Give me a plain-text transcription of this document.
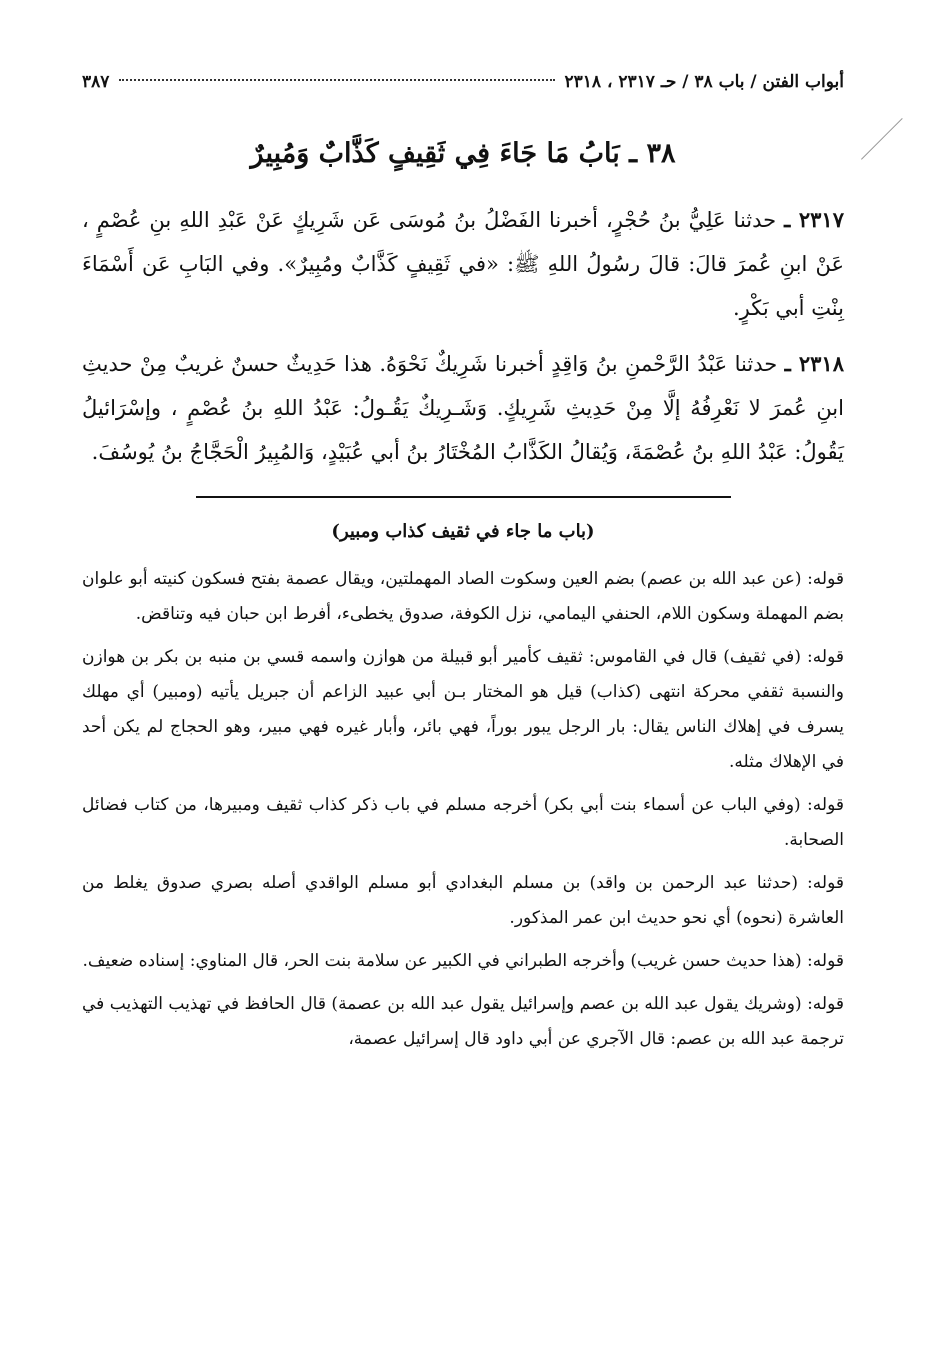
أبواب الفتن / باب ٣٨ / حـ ٢٣١٧ ، ٢٣١٨
٣٨٧
٣٨ ـ بَابُ مَا جَاءَ فِي ثَقِيفٍ كَذَّابٌ وَمُبِيرٌ

٢٣١٧ ـ حدثنا عَلِيُّ بنُ حُجْرٍ، أخبرنا الفَضْلُ بنُ مُوسَى عَن شَرِيكٍ عَنْ عَبْدِ اللهِ بنِ عُصْمٍ ، عَنْ ابنِ عُمرَ قالَ: قالَ رسُولُ اللهِ ﷺ: «في ثَقِيفٍ كَذَّابٌ ومُبِيرٌ». وفي البَابِ عَن أَسْمَاءَ بِنْتِ أبي بَكْرٍ.

٢٣١٨ ـ حدثنا عَبْدُ الرَّحْمنِ بنُ وَاقِدٍ أخبرنا شَرِيكٌ نَحْوَهُ. هذا حَدِيثٌ حسنٌ غريبٌ مِنْ حديثِ ابنِ عُمرَ لا نَعْرِفُهُ إلَّا مِنْ حَدِيثِ شَرِيكٍ. وَشَـرِيكٌ يَقُـولُ: عَبْدُ اللهِ بنُ عُصْمٍ ، وإسْرَائيلُ يَقُولُ: عَبْدُ اللهِ بنُ عُصْمَةَ، وَيُقالُ الكَذَّابُ المُخْتَارُ بنُ أبي عُبَيْدٍ، وَالمُبِيرُ الْحَجَّاجُ بنُ يُوسُفَ.

(باب ما جاء في ثقيف كذاب ومبير)

قوله: (عن عبد الله بن عصم) بضم العين وسكوت الصاد المهملتين، ويقال عصمة بفتح فسكون كنيته أبو علوان بضم المهملة وسكون اللام، الحنفي اليمامي، نزل الكوفة، صدوق يخطىء، أفرط ابن حبان فيه وتناقض.

قوله: (في ثقيف) قال في القاموس: ثقيف كأمير أبو قبيلة من هوازن واسمه قسي بن منبه بن بكر بن هوازن والنسبة ثقفي محركة انتهى (كذاب) قيل هو المختار بـن أبي عبيد الزاعم أن جبريل يأتيه (ومبير) أي مهلك يسرف في إهلاك الناس يقال: بار الرجل يبور بوراً، فهي بائر، وأبار غيره فهي مبير، وهو الحجاج لم يكن أحد في الإهلاك مثله.

قوله: (وفي الباب عن أسماء بنت أبي بكر) أخرجه مسلم في باب ذكر كذاب ثقيف ومبيرها، من كتاب فضائل الصحابة.

قوله: (حدثنا عبد الرحمن بن واقد) بن مسلم البغدادي أبو مسلم الواقدي أصله بصري صدوق يغلط من العاشرة (نحوه) أي نحو حديث ابن عمر المذكور.

قوله: (هذا حديث حسن غريب) وأخرجه الطبراني في الكبير عن سلامة بنت الحر، قال المناوي: إسناده ضعيف.

قوله: (وشريك يقول عبد الله بن عصم وإسرائيل يقول عبد الله بن عصمة) قال الحافظ في تهذيب التهذيب في ترجمة عبد الله بن عصم: قال الآجري عن أبي داود قال إسرائيل عصمة،
